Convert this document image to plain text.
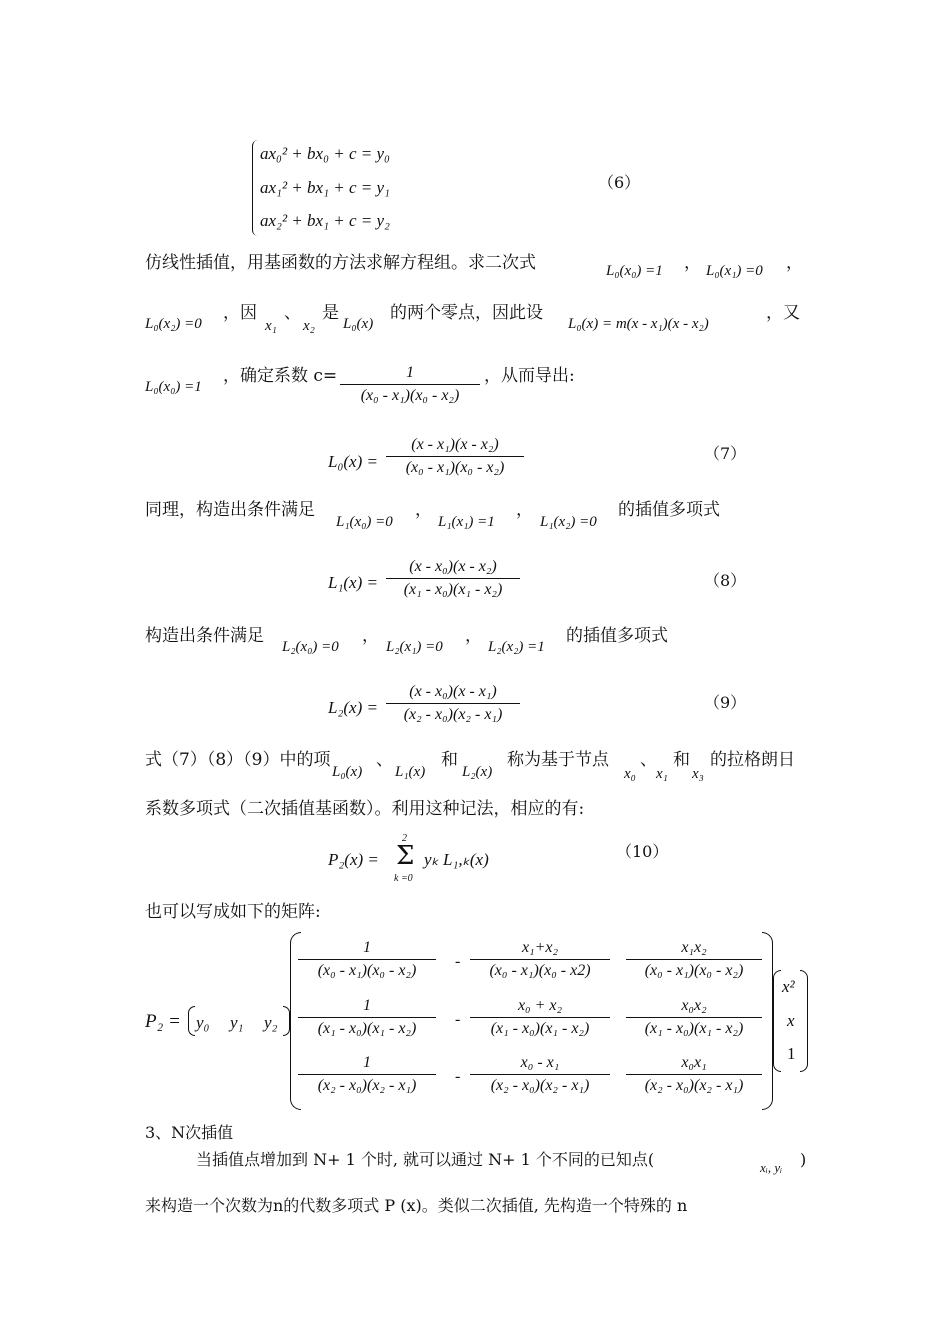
ax₀² + bx₀ + c = y₀
ax₁² + bx₁ + c = y₁
ax₂² + bx₁ + c = y₂
（6）
仿线性插值，用基函数的方法求解方程组。求二次式	L₀(x₀) =1 ， L₀(x₁) =0 ，
L₀(x₂) =0
，因
x₁
、
x₂
是
L₀(x)
的两个零点，因此设
L₀(x) = m(x - x₁)(x - x₂)
，又
L₀(x₀) =1
，确定系数 $c= \frac{1}{\text{(x₀ - x₁)(x₀ - x₂)}}$ ，从而导出:
$L_0(x) = \frac{\text{(x - x₁)(x - x₂)}}{\text{(x₀ - x₁)(x₀ - x₂)}}$	（7）
同理，构造出条件满足
L₁(x₀) =0
，
L₁(x₁) =1
，
L₁(x₂) =0
的插值多项式
$L_1(x) = \frac{\text{(x - x₀)(x - x₂)}}{\text{(x₁ - x₀)(x₁ - x₂)}}$	（8）
构造出条件满足
L₂(x₀) =0
，
L₂(x₁) =0
，
L₂(x₂) =1
的插值多项式
$L_2(x) = \frac{\text{(x - x₀)(x - x₁)}}{\text{(x₂ - x₀)(x₂ - x₁)}}$	（9）
式（7）（8）（9）中的项
L₀(x)
、
L₁(x)
和
L₂(x)
称为基于节点
x₀
、
x₁
和
x₃
的拉格朗日
系数多项式（二次插值基函数）。利用这种记法，相应的有:
P₂(x) =
2
Σ
k =0
yₖ L₁,ₖ(x)	（10）
也可以写成如下的矩阵:
P₂ = y₀ y₁ y₂
$\frac{1}{\text{(x₀ - x₁)(x₀ - x₂)}} - \frac{\text{x₁+x₂}}{\text{(x₀ - x₁)(x₀ - x2)}} \frac{\text{x₁x₂}}{\text{(x₀ - x₁)(x₀ - x₂)}}$
$\frac{1}{\text{(x₁ - x₀)(x₁ - x₂)}} - \frac{\text{x₀ + x₂}}{\text{(x₁ - x₀)(x₁ - x₂)}} \frac{\text{x₀x₂}}{\text{(x₁ - x₀)(x₁ - x₂)}}$
$\frac{1}{\text{(x₂ - x₀)(x₂ - x₁)}} - \frac{\text{x₀ - x₁}}{\text{(x₂ - x₀)(x₂ - x₁)}} \frac{\text{x₀x₁}}{\text{(x₂ - x₀)(x₂ - x₁)}}$
x²
x
1
3、N次插值
当插值点增加到 N+ 1 个时, 就可以通过 N+ 1 个不同的已知点(	xᵢ, yᵢ )
来构造一个次数为n的代数多项式 P (x)。类似二次插值, 先构造一个特殊的 n
